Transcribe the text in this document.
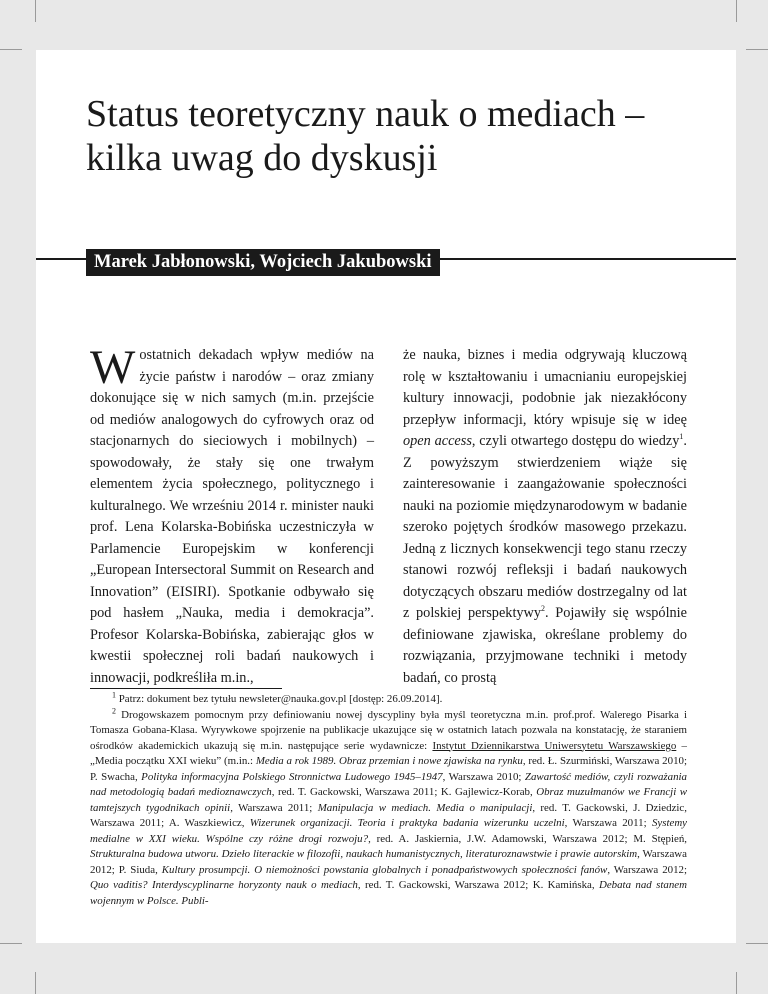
Status teoretyczny nauk o mediach –
kilka uwag do dyskusji
Marek Jabłonowski, Wojciech Jakubowski

Wostatnich dekadach wpływ mediów na życie państw i narodów – oraz zmiany dokonujące się w nich samych (m.in. przejście od mediów analogowych do cyfrowych oraz od stacjonarnych do sieciowych i mobilnych) – spowodowały, że stały się one trwałym elementem życia społecznego, politycznego i kulturalnego. We wrześniu 2014 r. minister nauki prof. Lena Kolarska-Bobińska uczestniczyła w Parlamencie Europejskim w konferencji „European Intersectoral Summit on Research and Innovation” (EISIRI). Spotkanie odbywało się pod hasłem „Nauka, media i demokracja”. Profesor Kolarska-Bobińska, zabierając głos w kwestii społecznej roli badań naukowych i innowacji, podkreśliła m.in.,

że nauka, biznes i media odgrywają kluczową rolę w kształtowaniu i umacnianiu europejskiej kultury innowacji, podobnie jak niezakłócony przepływ informacji, który wpisuje się w ideę open access, czyli otwartego dostępu do wiedzy$^1$. Z powyższym stwierdzeniem wiąże się zainteresowanie i zaangażowanie społeczności nauki na poziomie międzynarodowym w badanie szeroko pojętych środków masowego przekazu. Jedną z licznych konsekwencji tego stanu rzeczy stanowi rozwój refleksji i badań naukowych dotyczących obszaru mediów dostrzegalny od lat z polskiej perspektywy$^2$. Pojawiły się wspólnie definiowane zjawiska, określane problemy do rozwiązania, przyjmowane techniki i metody badań, co prostą

$^1$ Patrz: dokument bez tytułu newsleter@nauka.gov.pl [dostęp: 26.09.2014].

$^2$ Drogowskazem pomocnym przy definiowaniu nowej dyscypliny była myśl teoretyczna m.in. prof.prof. Walerego Pisarka i Tomasza Gobana-Klasa. Wyrywkowe spojrzenie na publikacje ukazujące się w ostatnich latach pozwala na konstatację, że staraniem ośrodków akademickich ukazują się m.in. następujące serie wydawnicze: Instytut Dziennikarstwa Uniwersytetu Warszawskiego – „Media początku XXI wieku” (m.in.: Media a rok 1989. Obraz przemian i nowe zjawiska na rynku, red. Ł. Szurmiński, Warszawa 2010; P. Swacha, Polityka informacyjna Polskiego Stronnictwa Ludowego 1945–1947, Warszawa 2010; Zawartość mediów, czyli rozważania nad metodologią badań medioznawczych, red. T. Gackowski, Warszawa 2011; K. Gajlewicz-Korab, Obraz muzułmanów we Francji w tamtejszych tygodnikach opinii, Warszawa 2011; Manipulacja w mediach. Media o manipulacji, red. T. Gackowski, J. Dziedzic, Warszawa 2011; A. Waszkiewicz, Wizerunek organizacji. Teoria i praktyka badania wizerunku uczelni, Warszawa 2011; Systemy medialne w XXI wieku. Wspólne czy różne drogi rozwoju?, red. A. Jaskiernia, J.W. Adamowski, Warszawa 2012; M. Stępień, Strukturalna budowa utworu. Dzieło literackie w filozofii, naukach humanistycznych, literaturoznawstwie i prawie autorskim, Warszawa 2012; P. Siuda, Kultury prosumpcji. O niemożności powstania globalnych i ponadpaństwowych społeczności fanów, Warszawa 2012; Quo vaditis? Interdyscyplinarne horyzonty nauk o mediach, red. T. Gackowski, Warszawa 2012; K. Kamińska, Debata nad stanem wojennym w Polsce. Publi-
